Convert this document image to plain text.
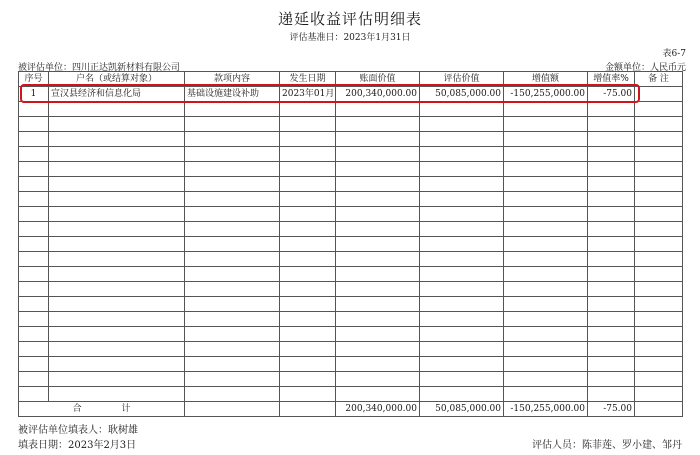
递延收益评估明细表
评估基准日：2023年1月31日
表6-7
被评估单位：四川正达凯新材料有限公司	金额单位：人民币元
序号	户名（或结算对象）	款项内容	发生日期	账面价值	评估价值	增值额	增值率%	备 注
1	宣汉县经济和信息化局	基础设施建设补助	2023年01月	200,340,000.00	50,085,000.00	-150,255,000.00	-75.00	

合 计				200,340,000.00	50,085,000.00	-150,255,000.00	-75.00	
被评估单位填表人：耿树雄
填表日期：2023年2月3日	评估人员：陈菲莲、罗小建、邹丹
